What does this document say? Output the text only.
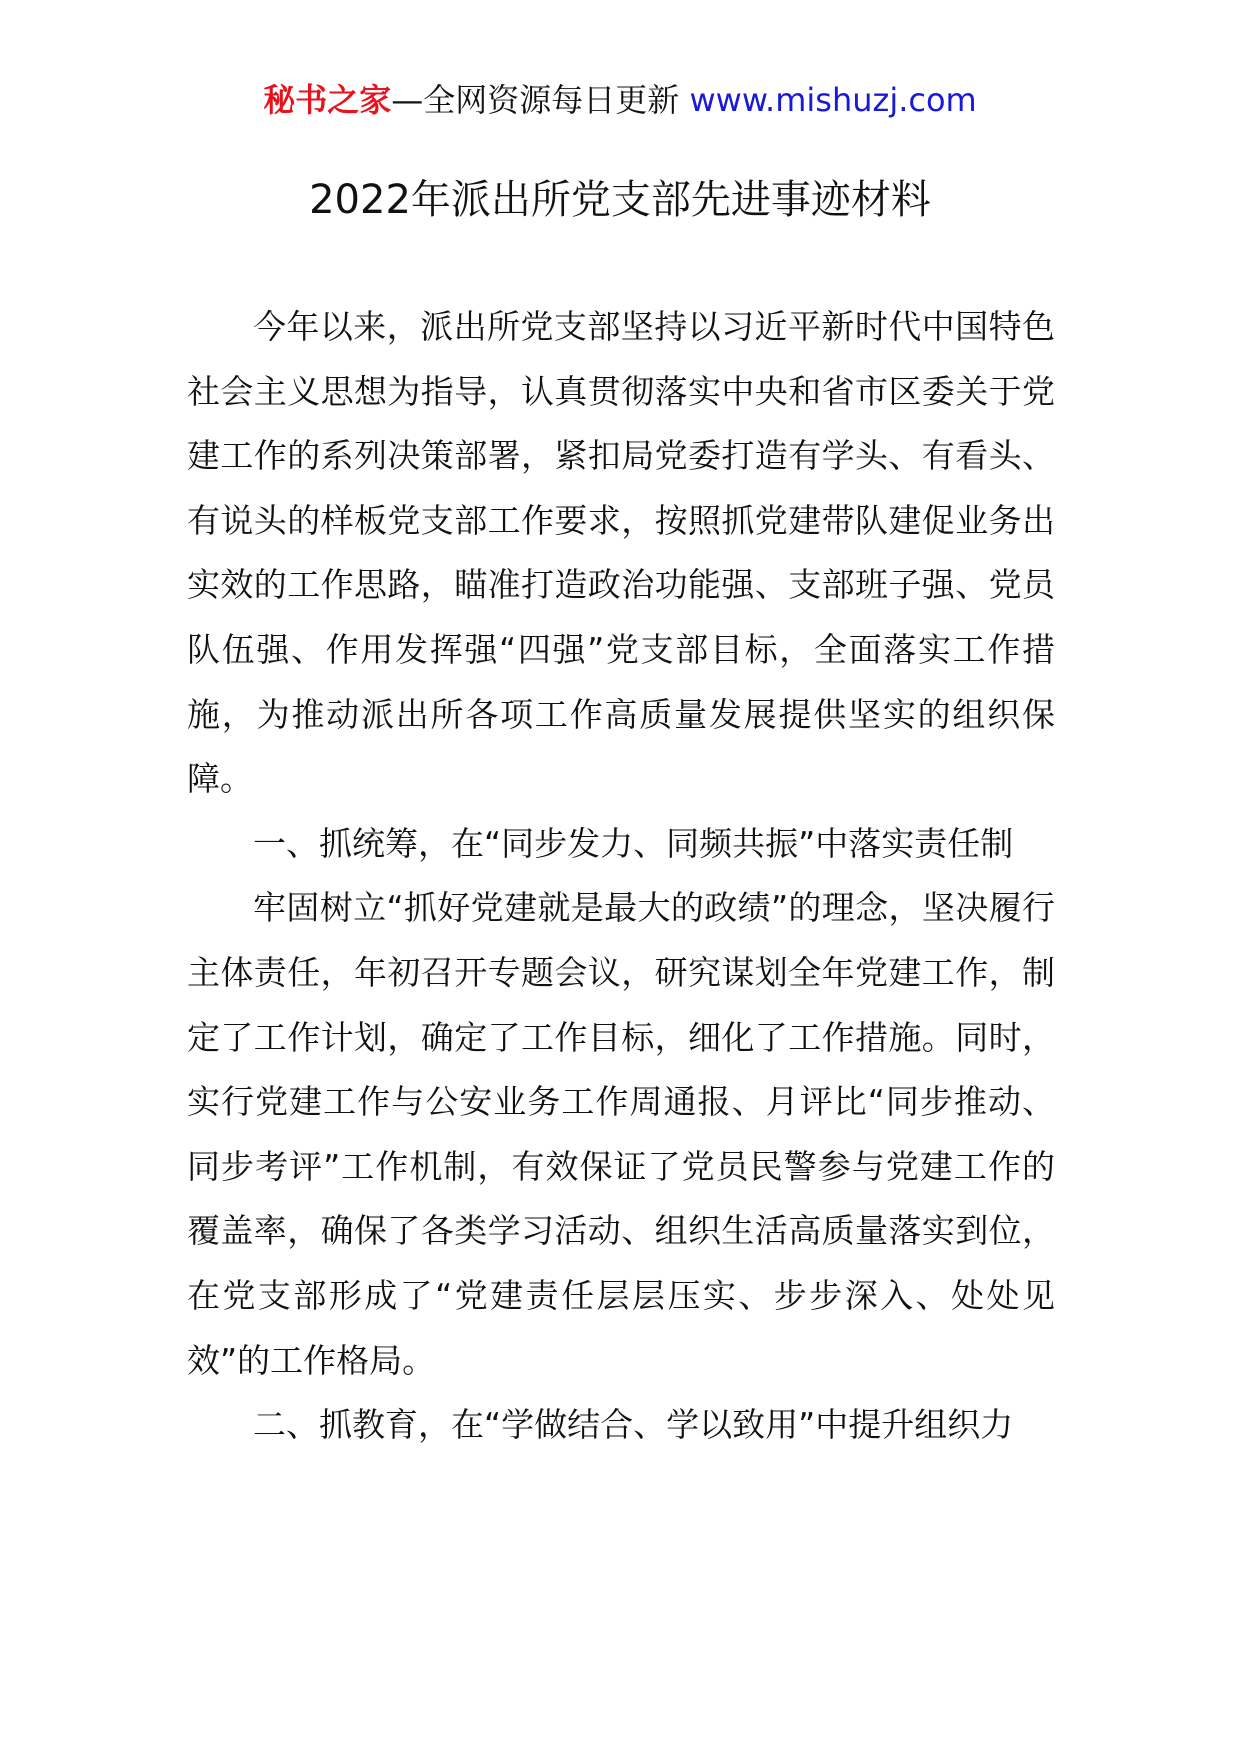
秘书之家—全网资源每日更新 www.mishuzj.com
2022年派出所党支部先进事迹材料

今年以来，派出所党支部坚持以习近平新时代中国特色社会主义思想为指导，认真贯彻落实中央和省市区委关于党建工作的系列决策部署，紧扣局党委打造有学头、有看头、有说头的样板党支部工作要求，按照抓党建带队建促业务出实效的工作思路，瞄准打造政治功能强、支部班子强、党员队伍强、作用发挥强“四强”党支部目标，全面落实工作措施，为推动派出所各项工作高质量发展提供坚实的组织保障。

一、抓统筹，在“同步发力、同频共振”中落实责任制

牢固树立“抓好党建就是最大的政绩”的理念，坚决履行主体责任，年初召开专题会议，研究谋划全年党建工作，制定了工作计划，确定了工作目标，细化了工作措施。同时，实行党建工作与公安业务工作周通报、月评比“同步推动、同步考评”工作机制，有效保证了党员民警参与党建工作的覆盖率，确保了各类学习活动、组织生活高质量落实到位，在党支部形成了“党建责任层层压实、步步深入、处处见效”的工作格局。

二、抓教育，在“学做结合、学以致用”中提升组织力
